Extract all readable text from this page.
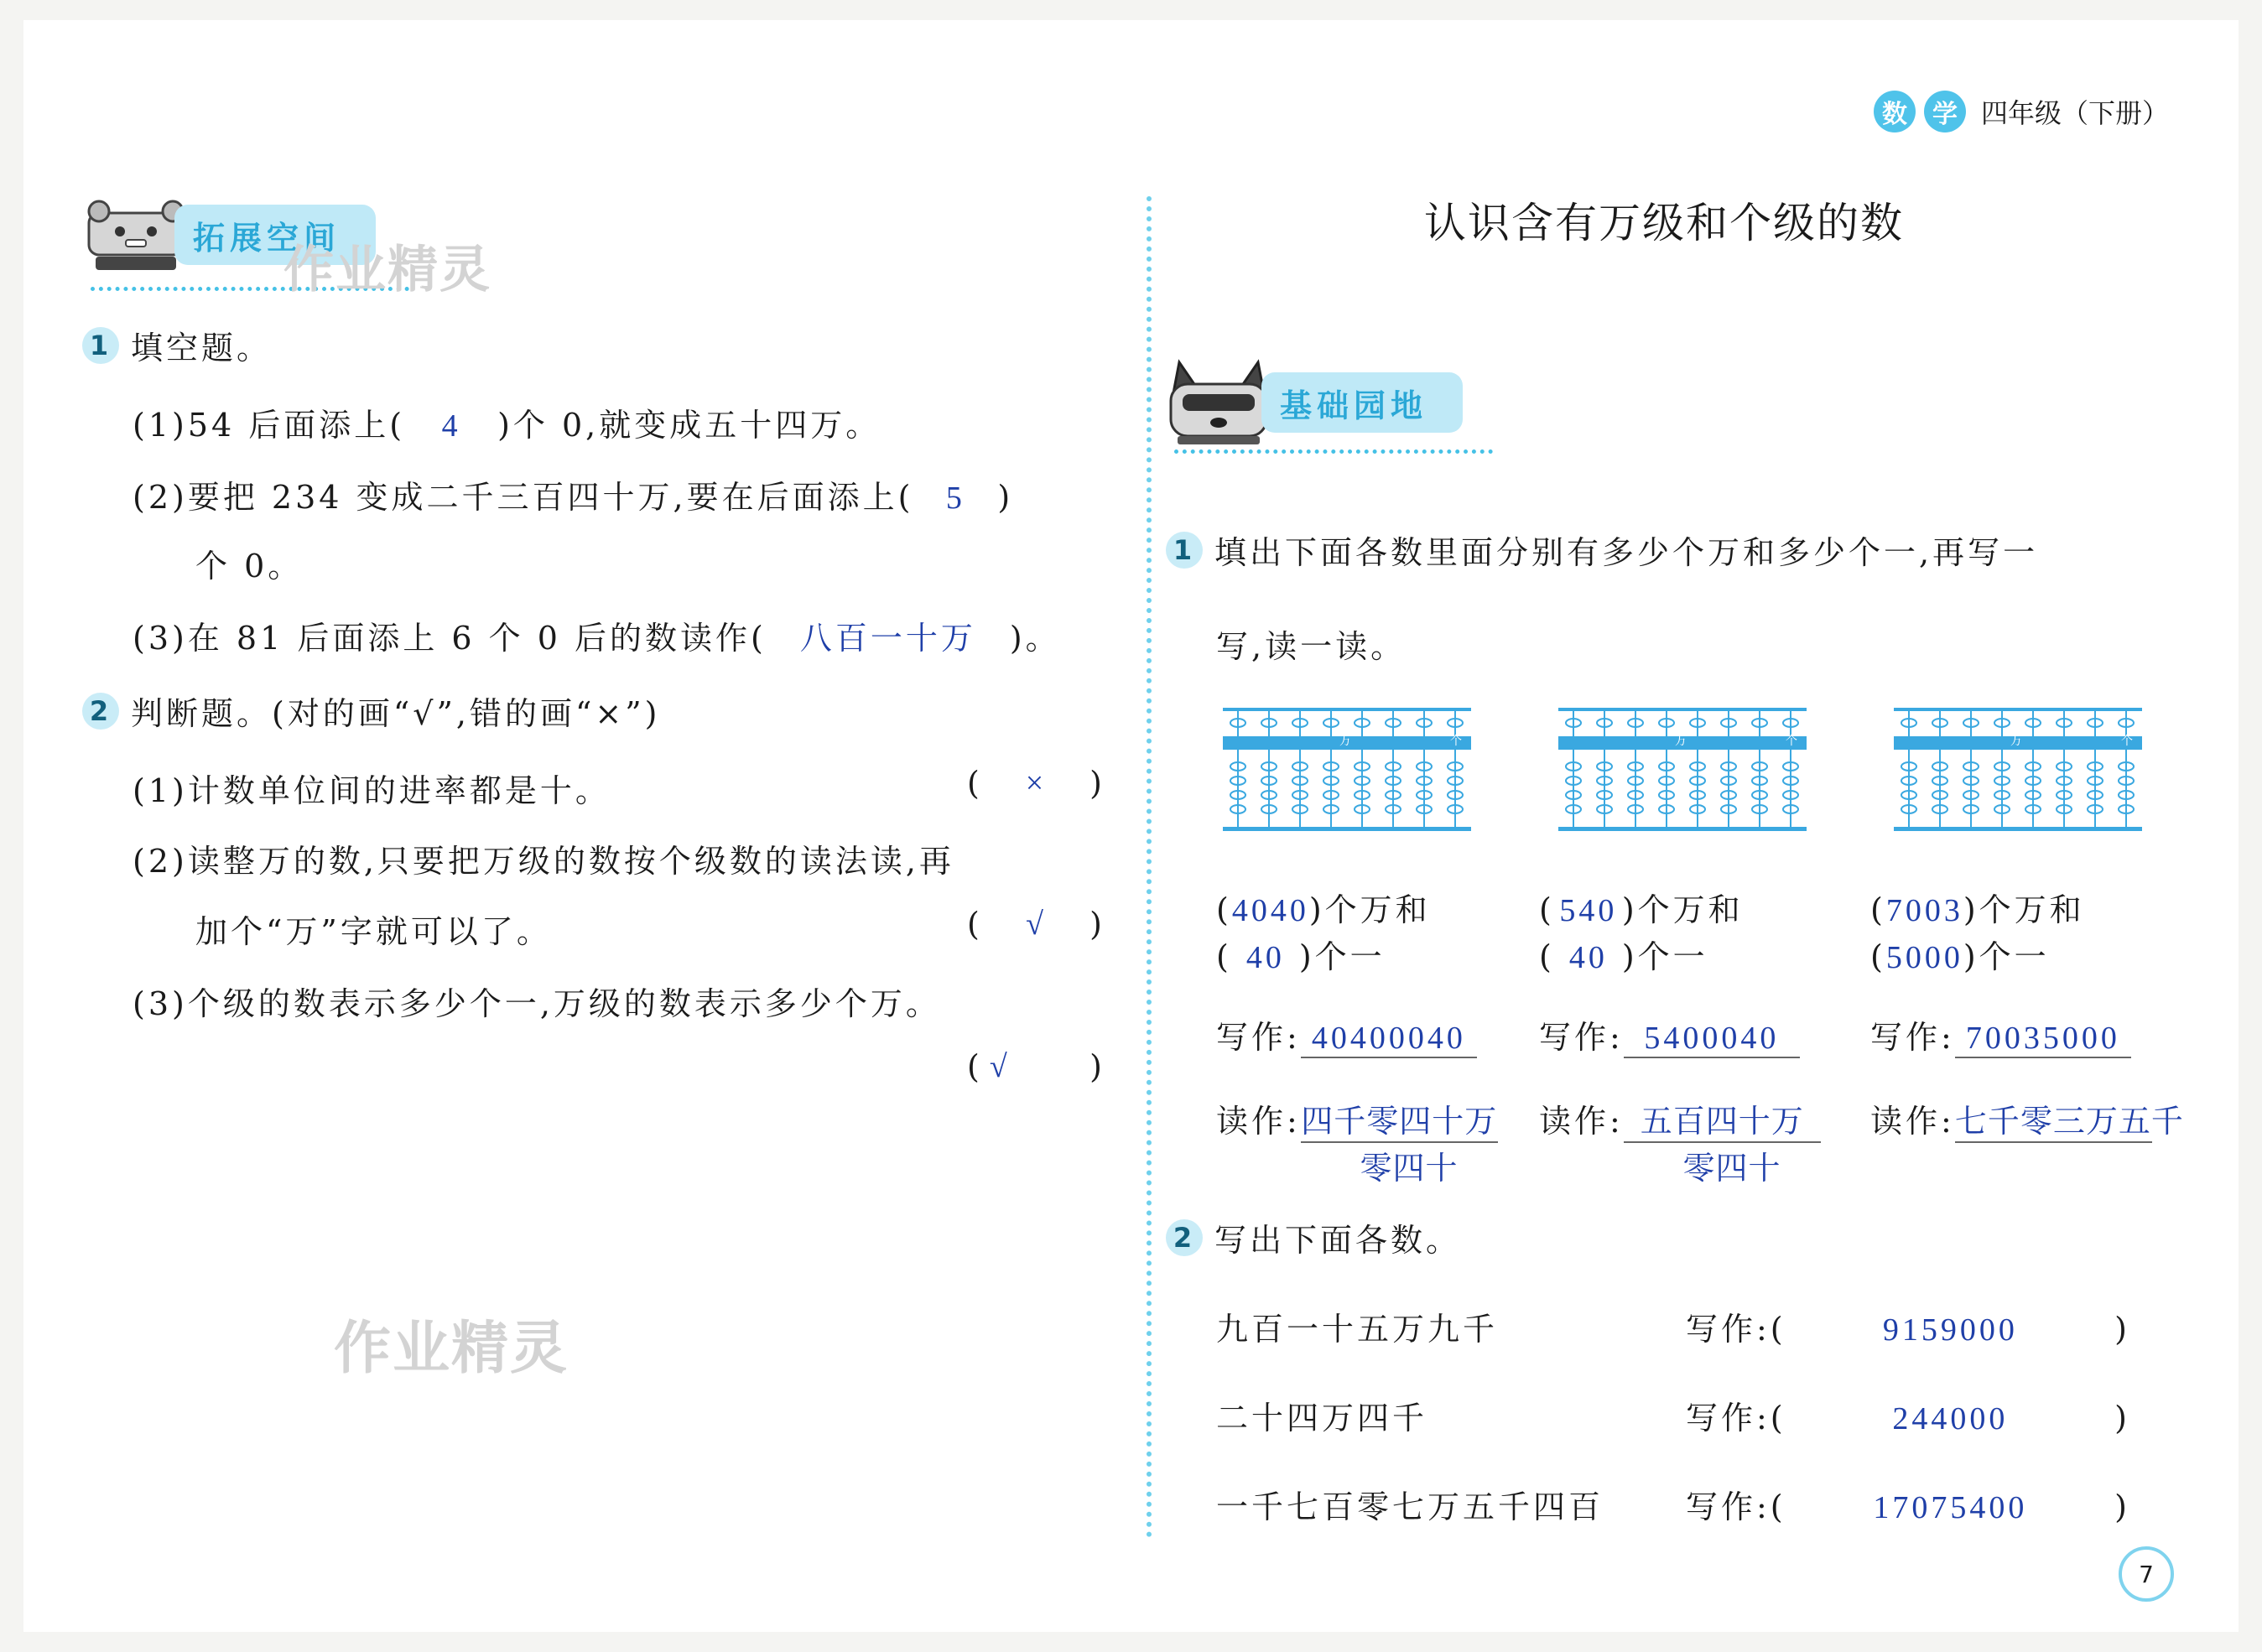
数	学 四年级（下册）
拓展空间
作业精灵
1 填空题。
(1)54 后面添上( 4 )个 0,就变成五十四万。
(2)要把 234 变成二千三百四十万,要在后面添上( 5 )
个 0。
(3)在 81 后面添上 6 个 0 后的数读作( 八百一十万 )。
2 判断题。(对的画“√”,错的画“×”)
(1)计数单位间的进率都是十。	( × )
(2)读整万的数,只要把万级的数按个级数的读法读,再
加个“万”字就可以了。	( √ )
(3)个级的数表示多少个一,万级的数表示多少个万。
( √ )
作业精灵
认识含有万级和个级的数
基础园地
1 填出下面各数里面分别有多少个万和多少个一,再写一
写,读一读。
万	个	万	个	万	个
(4040)个万和
( 40 )个一
写作: 40400040
读作:四千零四十万
零四十
( 540 )个万和
( 40 )个一
写作: 5400040
读作: 五百四十万
零四十
(7003)个万和
(5000)个一
写作: 70035000
读作:七千零三万五千
2 写出下面各数。
九百一十五万九千	写作:(	9159000	)
二十四万四千	写作:(	244000	)
一千七百零七万五千四百	写作:(	17075400	)
7
